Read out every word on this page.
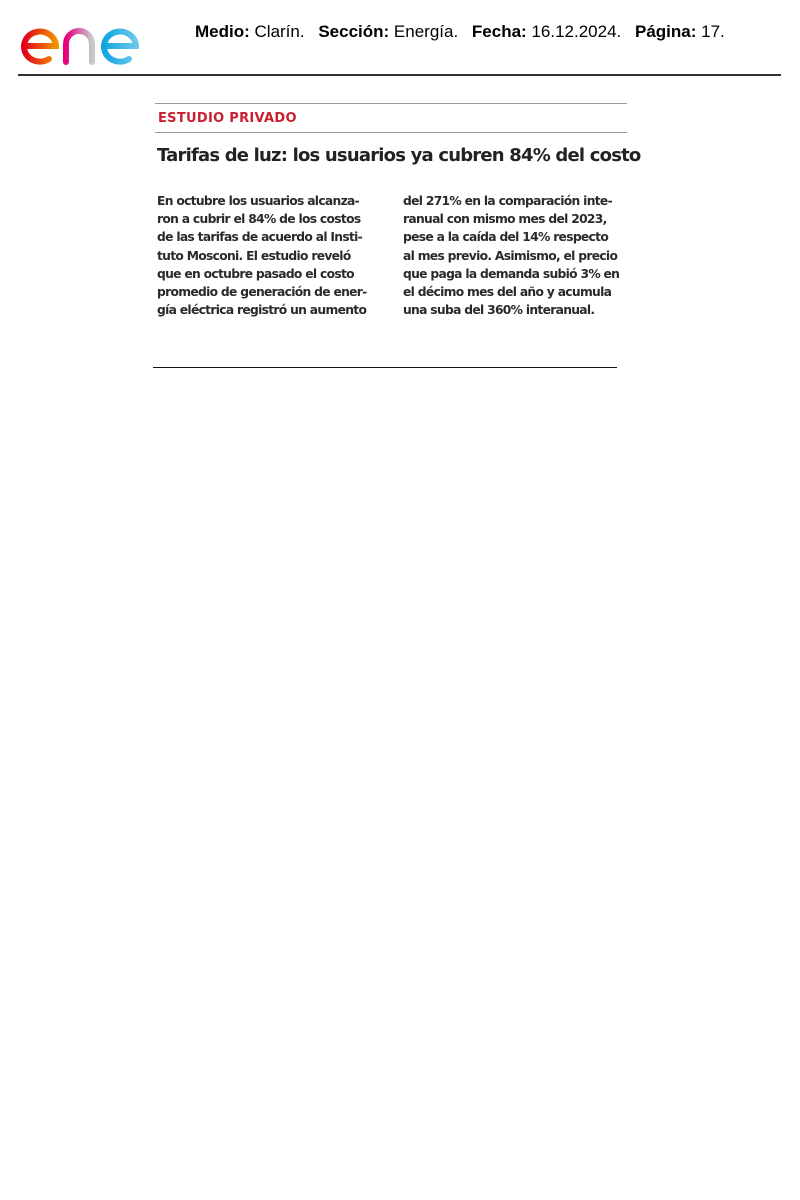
Medio: Clarín. Sección: Energía. Fecha: 16.12.2024. Página: 17.
ESTUDIO PRIVADO
Tarifas de luz: los usuarios ya cubren 84% del costo
En octubre los usuarios alcanza-
ron a cubrir el 84% de los costos
de las tarifas de acuerdo al Insti-
tuto Mosconi. El estudio reveló
que en octubre pasado el costo
promedio de generación de ener-
gía eléctrica registró un aumento
del 271% en la comparación inte-
ranual con mismo mes del 2023,
pese a la caída del 14% respecto
al mes previo. Asimismo, el precio
que paga la demanda subió 3% en
el décimo mes del año y acumula
una suba del 360% interanual.
